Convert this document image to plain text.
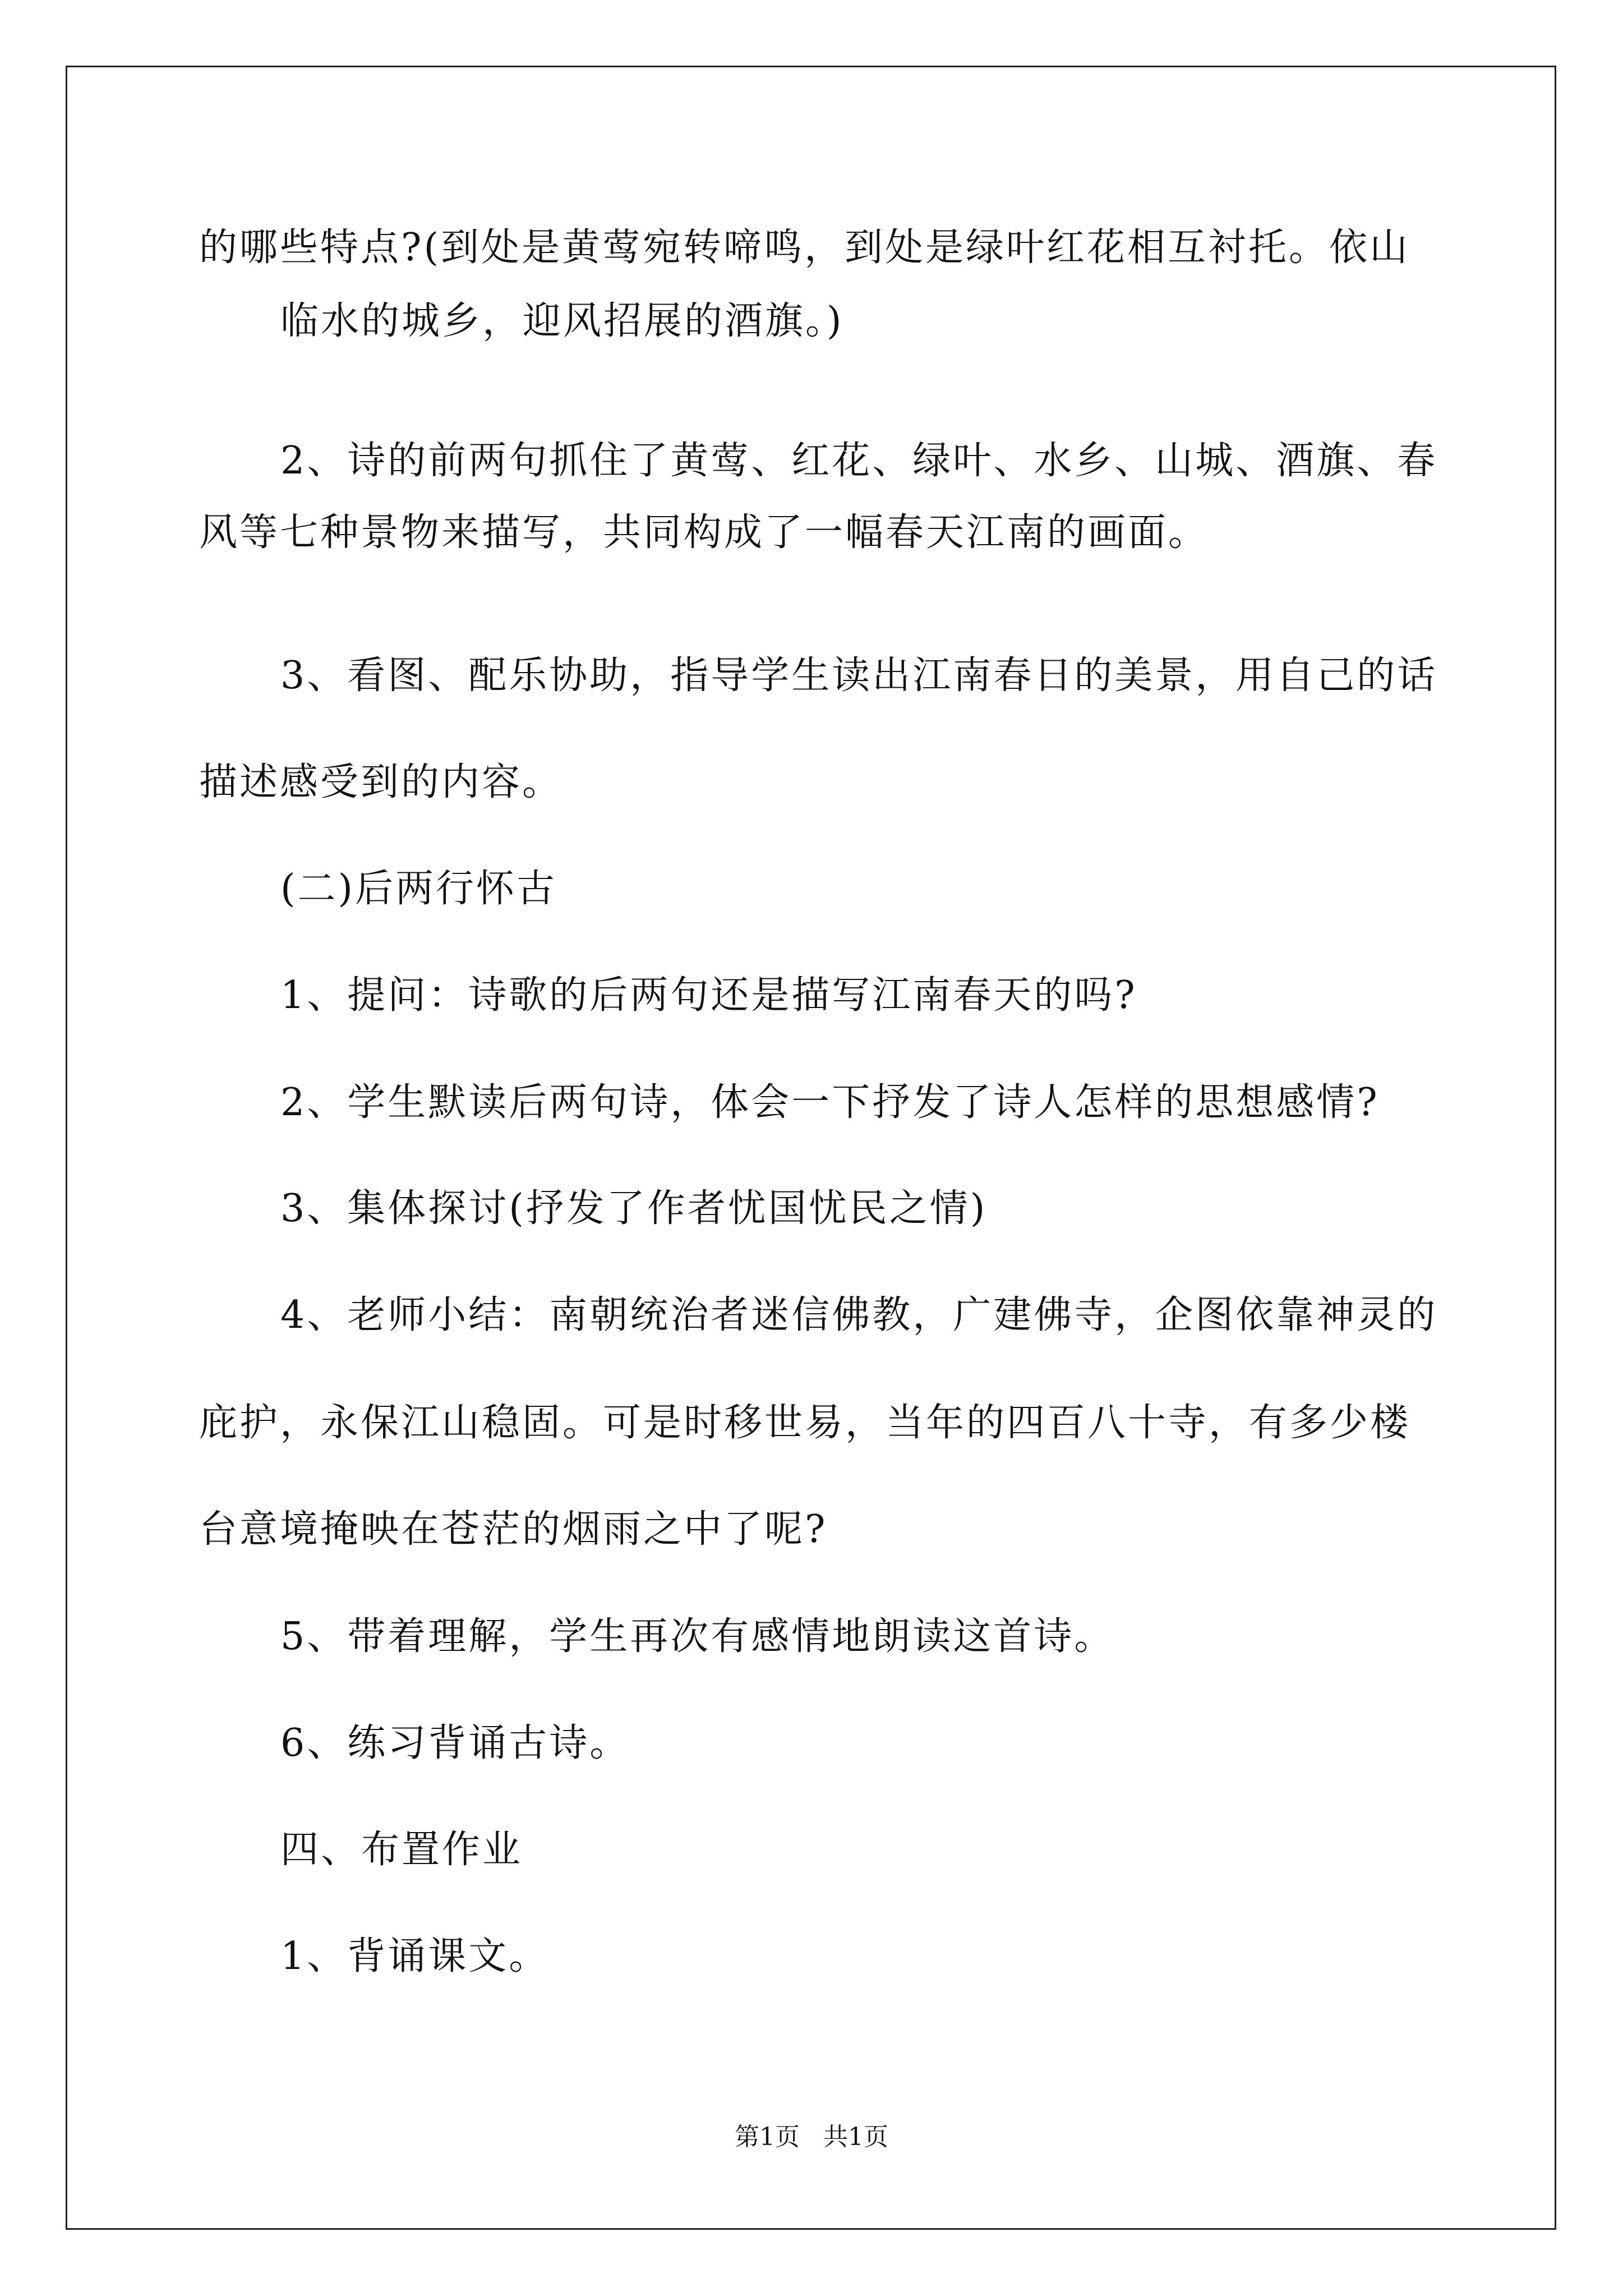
的哪些特点?(到处是黄莺宛转啼鸣，到处是绿叶红花相互衬托。依山
临水的城乡，迎风招展的酒旗。)
2、诗的前两句抓住了黄莺、红花、绿叶、水乡、山城、酒旗、春
风等七种景物来描写，共同构成了一幅春天江南的画面。
3、看图、配乐协助，指导学生读出江南春日的美景，用自己的话
描述感受到的内容。
(二)后两行怀古
1、提问：诗歌的后两句还是描写江南春天的吗?
2、学生默读后两句诗，体会一下抒发了诗人怎样的思想感情?
3、集体探讨(抒发了作者忧国忧民之情)
4、老师小结：南朝统治者迷信佛教，广建佛寺，企图依靠神灵的
庇护，永保江山稳固。可是时移世易，当年的四百八十寺，有多少楼
台意境掩映在苍茫的烟雨之中了呢?
5、带着理解，学生再次有感情地朗读这首诗。
6、练习背诵古诗。
四、布置作业
1、背诵课文。
第1页   共1页
